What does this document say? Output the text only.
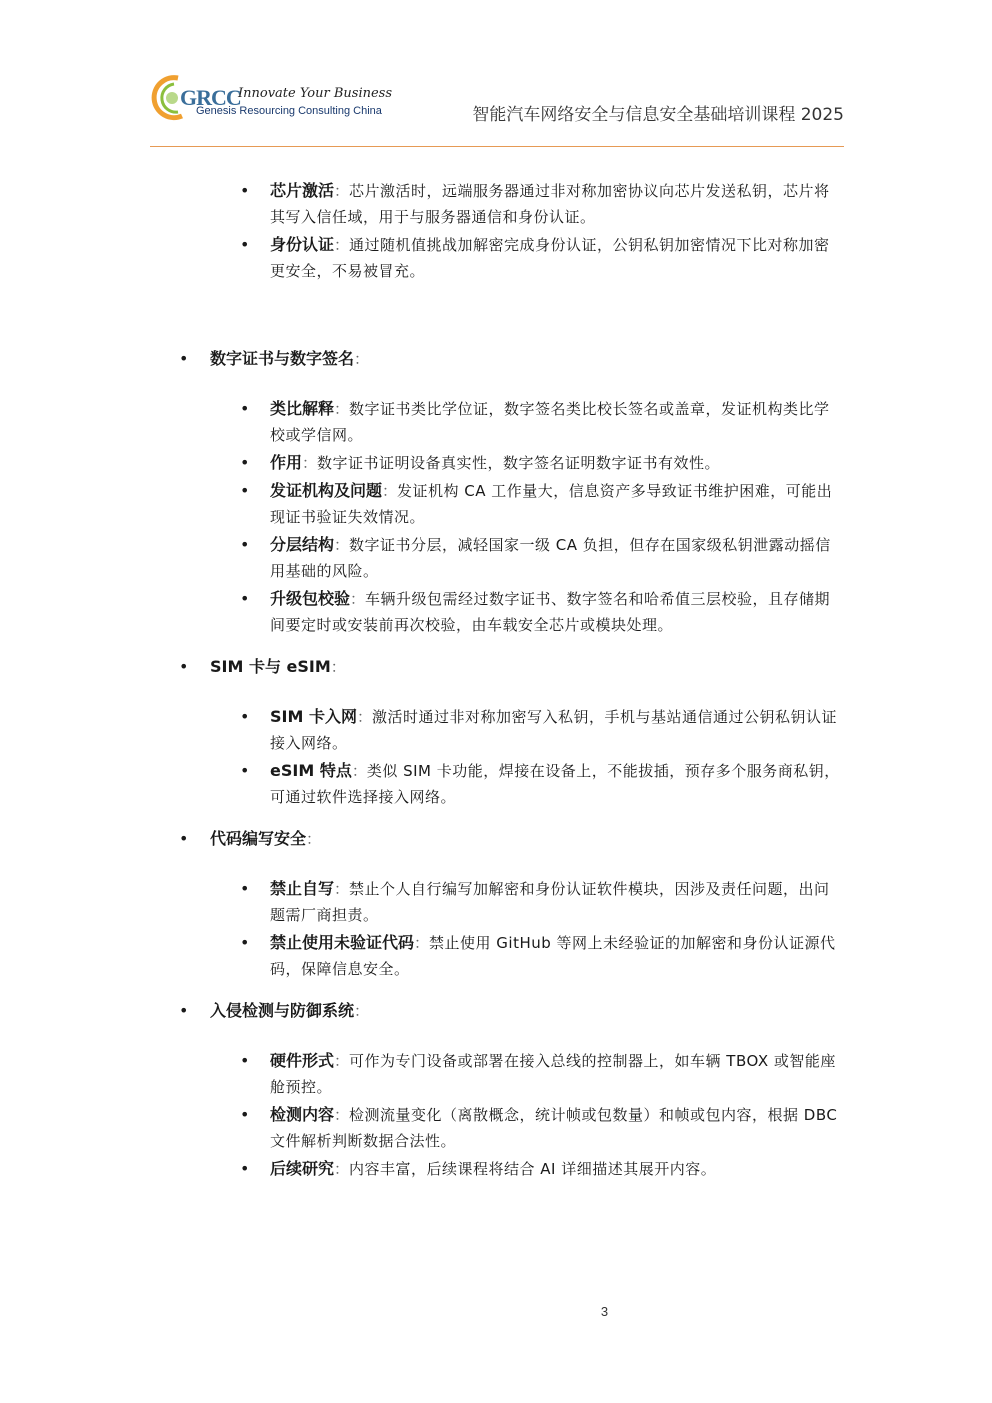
GRCC
Innovate Your Business
Genesis Resourcing Consulting China	智能汽车网络安全与信息安全基础培训课程 2025
• 芯片激活：芯片激活时，远端服务器通过非对称加密协议向芯片发送私钥，芯片将其写入信任域，用于与服务器通信和身份认证。
• 身份认证：通过随机值挑战加解密完成身份认证，公钥私钥加密情况下比对称加密更安全，不易被冒充。

• 数字证书与数字签名：

• 类比解释：数字证书类比学位证，数字签名类比校长签名或盖章，发证机构类比学校或学信网。
• 作用：数字证书证明设备真实性，数字签名证明数字证书有效性。
• 发证机构及问题：发证机构 CA 工作量大，信息资产多导致证书维护困难，可能出现证书验证失效情况。
• 分层结构：数字证书分层，减轻国家一级 CA 负担，但存在国家级私钥泄露动摇信用基础的风险。
• 升级包校验：车辆升级包需经过数字证书、数字签名和哈希值三层校验，且存储期间要定时或安装前再次校验，由车载安全芯片或模块处理。

• SIM 卡与 eSIM：

• SIM 卡入网：激活时通过非对称加密写入私钥，手机与基站通信通过公钥私钥认证接入网络。
• eSIM 特点：类似 SIM 卡功能，焊接在设备上，不能拔插，预存多个服务商私钥，可通过软件选择接入网络。

• 代码编写安全：

• 禁止自写：禁止个人自行编写加解密和身份认证软件模块，因涉及责任问题，出问题需厂商担责。
• 禁止使用未验证代码：禁止使用 GitHub 等网上未经验证的加解密和身份认证源代码，保障信息安全。

• 入侵检测与防御系统：

• 硬件形式：可作为专门设备或部署在接入总线的控制器上，如车辆 TBOX 或智能座舱预控。
• 检测内容：检测流量变化（离散概念，统计帧或包数量）和帧或包内容，根据 DBC 文件解析判断数据合法性。
• 后续研究：内容丰富，后续课程将结合 AI 详细描述其展开内容。
3
